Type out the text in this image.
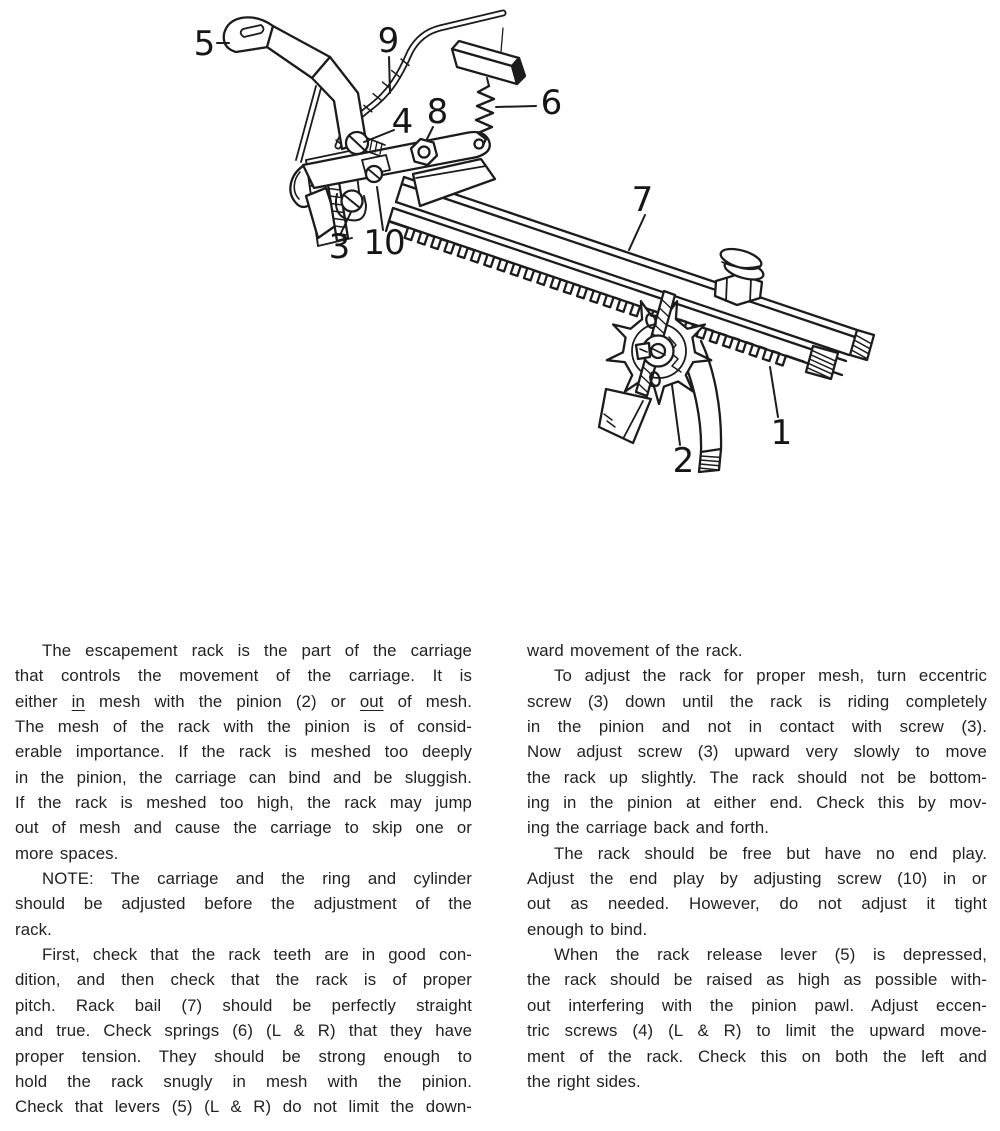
1
2
3
4
5
6
7
8
9
10
The escapement rack is the part of the carriage
that controls the movement of the carriage. It is
either in mesh with the pinion (2) or out of mesh.
The mesh of the rack with the pinion is of consid-
erable importance. If the rack is meshed too deeply
in the pinion, the carriage can bind and be sluggish.
If the rack is meshed too high, the rack may jump
out of mesh and cause the carriage to skip one or
more spaces.
NOTE: The carriage and the ring and cylinder
should be adjusted before the adjustment of the
rack.
First, check that the rack teeth are in good con-
dition, and then check that the rack is of proper
pitch. Rack bail (7) should be perfectly straight
and true. Check springs (6) (L & R) that they have
proper tension. They should be strong enough to
hold the rack snugly in mesh with the pinion.
Check that levers (5) (L & R) do not limit the down-
ward movement of the rack.
To adjust the rack for proper mesh, turn eccentric
screw (3) down until the rack is riding completely
in the pinion and not in contact with screw (3).
Now adjust screw (3) upward very slowly to move
the rack up slightly. The rack should not be bottom-
ing in the pinion at either end. Check this by mov-
ing the carriage back and forth.
The rack should be free but have no end play.
Adjust the end play by adjusting screw (10) in or
out as needed. However, do not adjust it tight
enough to bind.
When the rack release lever (5) is depressed,
the rack should be raised as high as possible with-
out interfering with the pinion pawl. Adjust eccen-
tric screws (4) (L & R) to limit the upward move-
ment of the rack. Check this on both the left and
the right sides.
